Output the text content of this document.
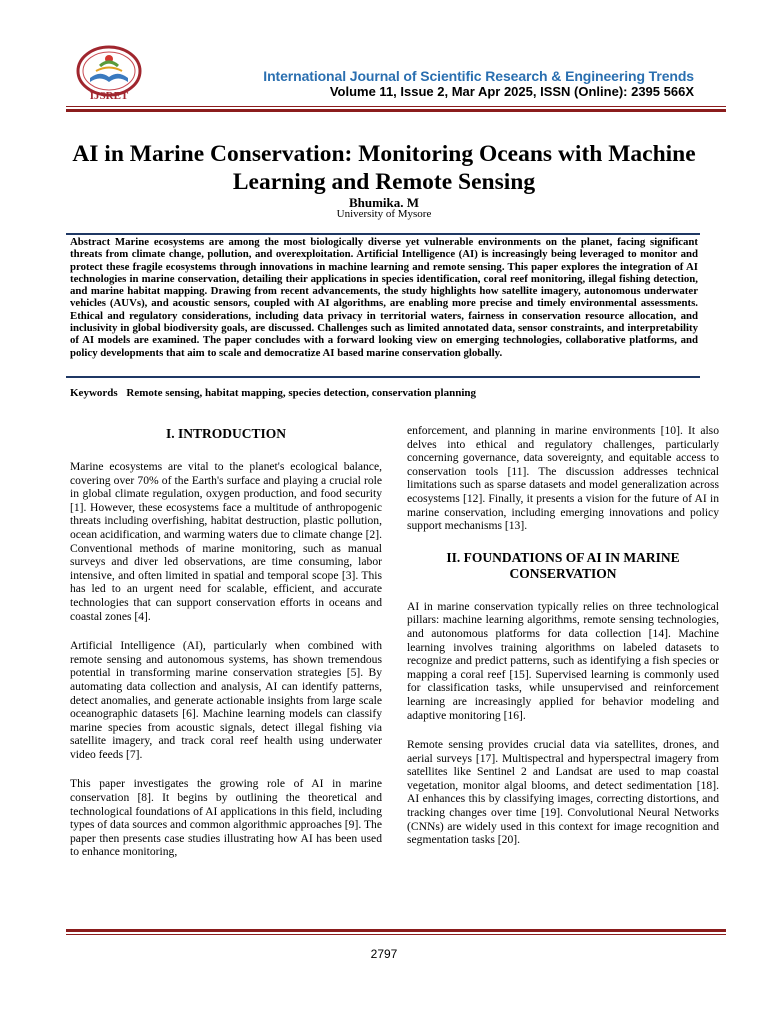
IJSRET
International Journal of Scientific Research & Engineering Trends
Volume 11, Issue 2, Mar Apr 2025, ISSN (Online): 2395 566X
AI in Marine Conservation: Monitoring Oceans with Machine Learning and Remote Sensing
Bhumika. M
University of Mysore

Abstract Marine ecosystems are among the most biologically diverse yet vulnerable environments on the planet, facing significant threats from climate change, pollution, and overexploitation. Artificial Intelligence (AI) is increasingly being leveraged to monitor and protect these fragile ecosystems through innovations in machine learning and remote sensing. This paper explores the integration of AI technologies in marine conservation, detailing their applications in species identification, coral reef monitoring, illegal fishing detection, and marine habitat mapping. Drawing from recent advancements, the study highlights how satellite imagery, autonomous underwater vehicles (AUVs), and acoustic sensors, coupled with AI algorithms, are enabling more precise and timely environmental assessments. Ethical and regulatory considerations, including data privacy in territorial waters, fairness in conservation resource allocation, and inclusivity in global biodiversity goals, are discussed. Challenges such as limited annotated data, sensor constraints, and interpretability of AI models are examined. The paper concludes with a forward looking view on emerging technologies, collaborative platforms, and policy developments that aim to scale and democratize AI based marine conservation globally.

Keywords Remote sensing, habitat mapping, species detection, conservation planning
I. INTRODUCTION

Marine ecosystems are vital to the planet's ecological balance, covering over 70% of the Earth's surface and playing a crucial role in global climate regulation, oxygen production, and food security [1]. However, these ecosystems face a multitude of anthropogenic threats including overfishing, habitat destruction, plastic pollution, ocean acidification, and warming waters due to climate change [2]. Conventional methods of marine monitoring, such as manual surveys and diver led observations, are time consuming, labor intensive, and often limited in spatial and temporal scope [3]. This has led to an urgent need for scalable, efficient, and accurate technologies that can support conservation efforts in oceans and coastal zones [4].

Artificial Intelligence (AI), particularly when combined with remote sensing and autonomous systems, has shown tremendous potential in transforming marine conservation strategies [5]. By automating data collection and analysis, AI can identify patterns, detect anomalies, and generate actionable insights from large scale oceanographic datasets [6]. Machine learning models can classify marine species from acoustic signals, detect illegal fishing via satellite imagery, and track coral reef health using underwater video feeds [7].

This paper investigates the growing role of AI in marine conservation [8]. It begins by outlining the theoretical and technological foundations of AI applications in this field, including types of data sources and common algorithmic approaches [9]. The paper then presents case studies illustrating how AI has been used to enhance monitoring,

enforcement, and planning in marine environments [10]. It also delves into ethical and regulatory challenges, particularly concerning governance, data sovereignty, and equitable access to conservation tools [11]. The discussion addresses technical limitations such as sparse datasets and model generalization across ecosystems [12]. Finally, it presents a vision for the future of AI in marine conservation, including emerging innovations and policy support mechanisms [13].

II. FOUNDATIONS OF AI IN MARINE
CONSERVATION

AI in marine conservation typically relies on three technological pillars: machine learning algorithms, remote sensing technologies, and autonomous platforms for data collection [14]. Machine learning involves training algorithms on labeled datasets to recognize and predict patterns, such as identifying a fish species or mapping a coral reef [15]. Supervised learning is commonly used for classification tasks, while unsupervised and reinforcement learning are increasingly applied for behavior modeling and adaptive monitoring [16].

Remote sensing provides crucial data via satellites, drones, and aerial surveys [17]. Multispectral and hyperspectral imagery from satellites like Sentinel 2 and Landsat are used to map coastal vegetation, monitor algal blooms, and detect sedimentation [18]. AI enhances this by classifying images, correcting distortions, and tracking changes over time [19]. Convolutional Neural Networks (CNNs) are widely used in this context for image recognition and segmentation tasks [20].

2797
